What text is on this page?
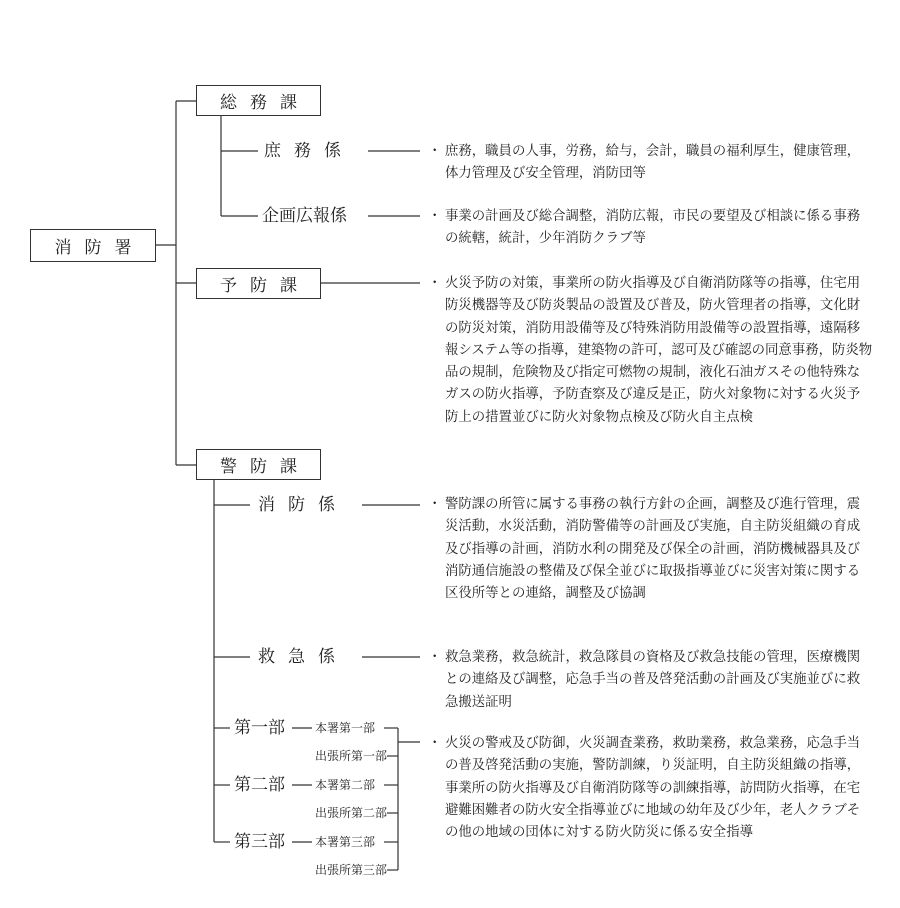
消防署
総務課
予防課
警防課
庶務係
企画広報係
消防係
救急係
第一部
第二部
第三部
本署第一部
出張所第一部
本署第二部
出張所第二部
本署第三部
出張所第三部
・ 庶務，職員の人事，労務，給与，会計，職員の福利厚生，健康管理，体力管理及び安全管理，消防団等
・ 事業の計画及び総合調整，消防広報，市民の要望及び相談に係る事務の統轄，統計，少年消防クラブ等
・ 火災予防の対策，事業所の防火指導及び自衛消防隊等の指導，住宅用防災機器等及び防炎製品の設置及び普及，防火管理者の指導，文化財の防災対策，消防用設備等及び特殊消防用設備等の設置指導，遠隔移報システム等の指導，建築物の許可，認可及び確認の同意事務，防炎物品の規制，危険物及び指定可燃物の規制，液化石油ガスその他特殊なガスの防火指導，予防査察及び違反是正，防火対象物に対する火災予防上の措置並びに防火対象物点検及び防火自主点検
・ 警防課の所管に属する事務の執行方針の企画，調整及び進行管理，震災活動，水災活動，消防警備等の計画及び実施，自主防災組織の育成及び指導の計画，消防水利の開発及び保全の計画，消防機械器具及び消防通信施設の整備及び保全並びに取扱指導並びに災害対策に関する区役所等との連絡，調整及び協調
・ 救急業務，救急統計，救急隊員の資格及び救急技能の管理，医療機関との連絡及び調整，応急手当の普及啓発活動の計画及び実施並びに救急搬送証明
・ 火災の警戒及び防御，火災調査業務，救助業務，救急業務，応急手当の普及啓発活動の実施，警防訓練，り災証明，自主防災組織の指導，事業所の防火指導及び自衛消防隊等の訓練指導，訪問防火指導，在宅避難困難者の防火安全指導並びに地域の幼年及び少年，老人クラブその他の地域の団体に対する防火防災に係る安全指導
